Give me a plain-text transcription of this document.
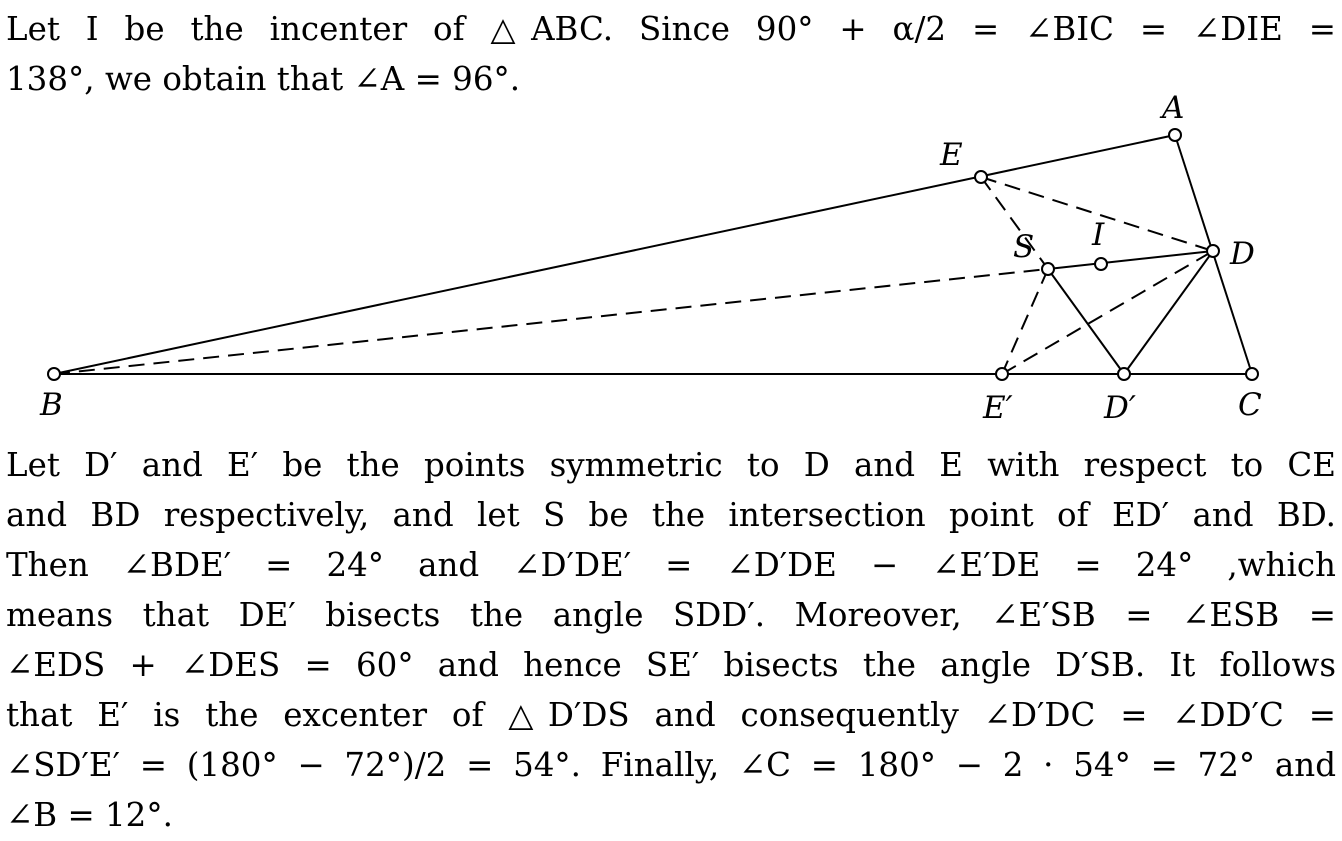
Let I be the incenter of △ABC. Since 90° + α/2 = ∠BIC = ∠DIE =
138°, we obtain that ∠A = 96°.
A
E
I
S	D
B	E′	D′	C
Let D′ and E′ be the points symmetric to D and E with respect to CE
and BD respectively, and let S be the intersection point of ED′ and BD.
Then ∠BDE′ = 24° and ∠D′DE′ = ∠D′DE − ∠E′DE = 24° ,which
means that DE′ bisects the angle SDD′. Moreover, ∠E′SB = ∠ESB =
∠EDS + ∠DES = 60° and hence SE′ bisects the angle D′SB. It follows
that E′ is the excenter of △D′DS and consequently ∠D′DC = ∠DD′C =
∠SD′E′ = (180° − 72°)/2 = 54°. Finally, ∠C = 180° − 2 · 54° = 72° and
∠B = 12°.
